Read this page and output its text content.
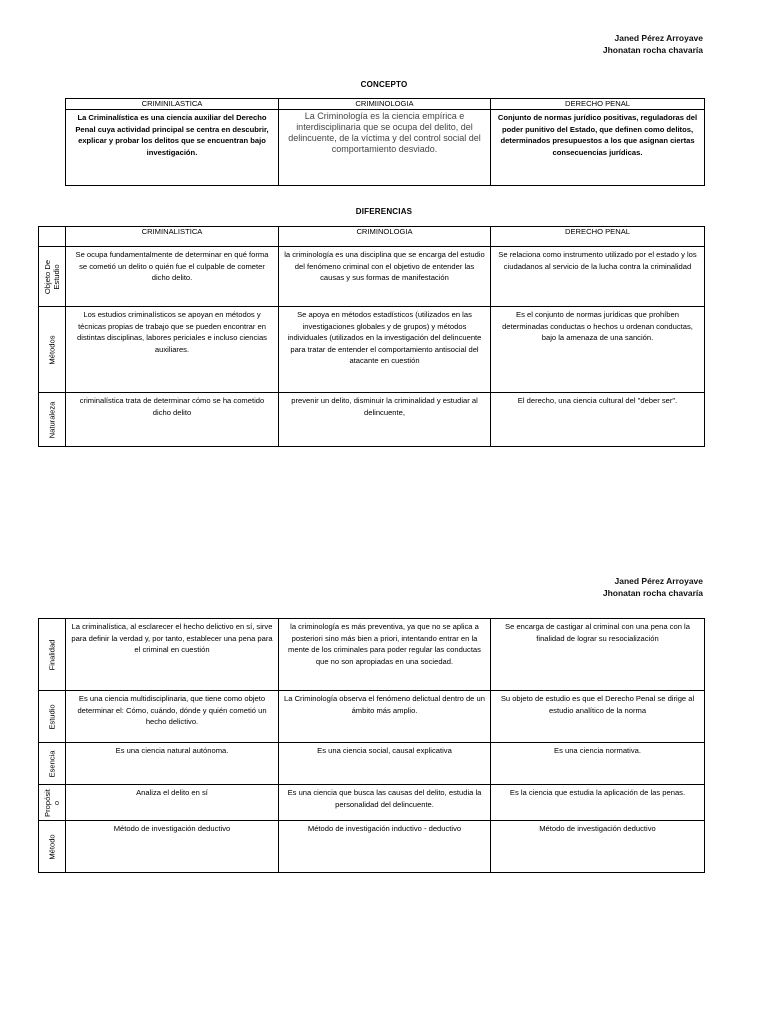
Janed Pérez Arroyave
Jhonatan rocha chavaría
CONCEPTO
CRIMINILASTICA	CRIMIINOLOGIA	DERECHO PENAL
La Criminalística es una ciencia auxiliar del Derecho Penal cuya actividad principal se centra en descubrir, explicar y probar los delitos que se encuentran bajo investigación.	La Criminología es la ciencia empírica e interdisciplinaria que se ocupa del delito, del delincuente, de la víctima y del control social del comportamiento desviado.	Conjunto de normas jurídico positivas, reguladoras del poder punitivo del Estado, que definen como delitos, determinados presupuestos a los que asignan ciertas consecuencias jurídicas.
DIFERENCIAS
	CRIMINALISTICA	CRIMINOLOGIA	DERECHO PENAL

Objeto De Estudio	Se ocupa fundamentalmente de determinar en qué forma se cometió un delito o quién fue el culpable de cometer dicho delito.	la criminología es una disciplina que se encarga del estudio del fenómeno criminal con el objetivo de entender las causas y sus formas de manifestación	Se relaciona como instrumento utilizado por el estado y los ciudadanos al servicio de la lucha contra la criminalidad

Métodos	Los estudios criminalísticos se apoyan en métodos y técnicas propias de trabajo que se pueden encontrar en distintas disciplinas, labores periciales e incluso ciencias auxiliares.	Se apoya en métodos estadísticos (utilizados en las investigaciones globales y de grupos) y métodos individuales (utilizados en la investigación del delincuente para tratar de entender el comportamiento antisocial del atacante en cuestión	Es el conjunto de normas jurídicas que prohíben determinadas conductas o hechos u ordenan conductas, bajo la amenaza de una sanción.

Naturaleza	criminalística trata de determinar cómo se ha cometido dicho delito	prevenir un delito, disminuir la criminalidad y estudiar al delincuente,	El derecho, una ciencia cultural del "deber ser".
Janed Pérez Arroyave
Jhonatan rocha chavaría
Finalidad	La criminalística, al esclarecer el hecho delictivo en sí, sirve para definir la verdad y, por tanto, establecer una pena para el criminal en cuestión	la criminología es más preventiva, ya que no se aplica a posteriori sino más bien a priori, intentando entrar en la mente de los criminales para poder regular las conductas que no son apropiadas en una sociedad.	Se encarga de castigar al criminal con una pena con la finalidad de lograr su resocialización

Estudio	Es una ciencia multidisciplinaria, que tiene como objeto determinar el: Cómo, cuándo, dónde y quién cometió un hecho delictivo.	La Criminología observa el fenómeno delictual dentro de un ámbito más amplio.	Su objeto de estudio es que el Derecho Penal se dirige al estudio analítico de la norma

Esencia	Es una ciencia natural autónoma.	Es una ciencia social, causal explicativa	Es una ciencia normativa.

Propósito	Analiza el delito en sí	Es una ciencia que busca las causas del delito, estudia la personalidad del delincuente.	Es la ciencia que estudia la aplicación de las penas.

Método	Método de investigación deductivo	Método de investigación inductivo - deductivo	Método de investigación deductivo
